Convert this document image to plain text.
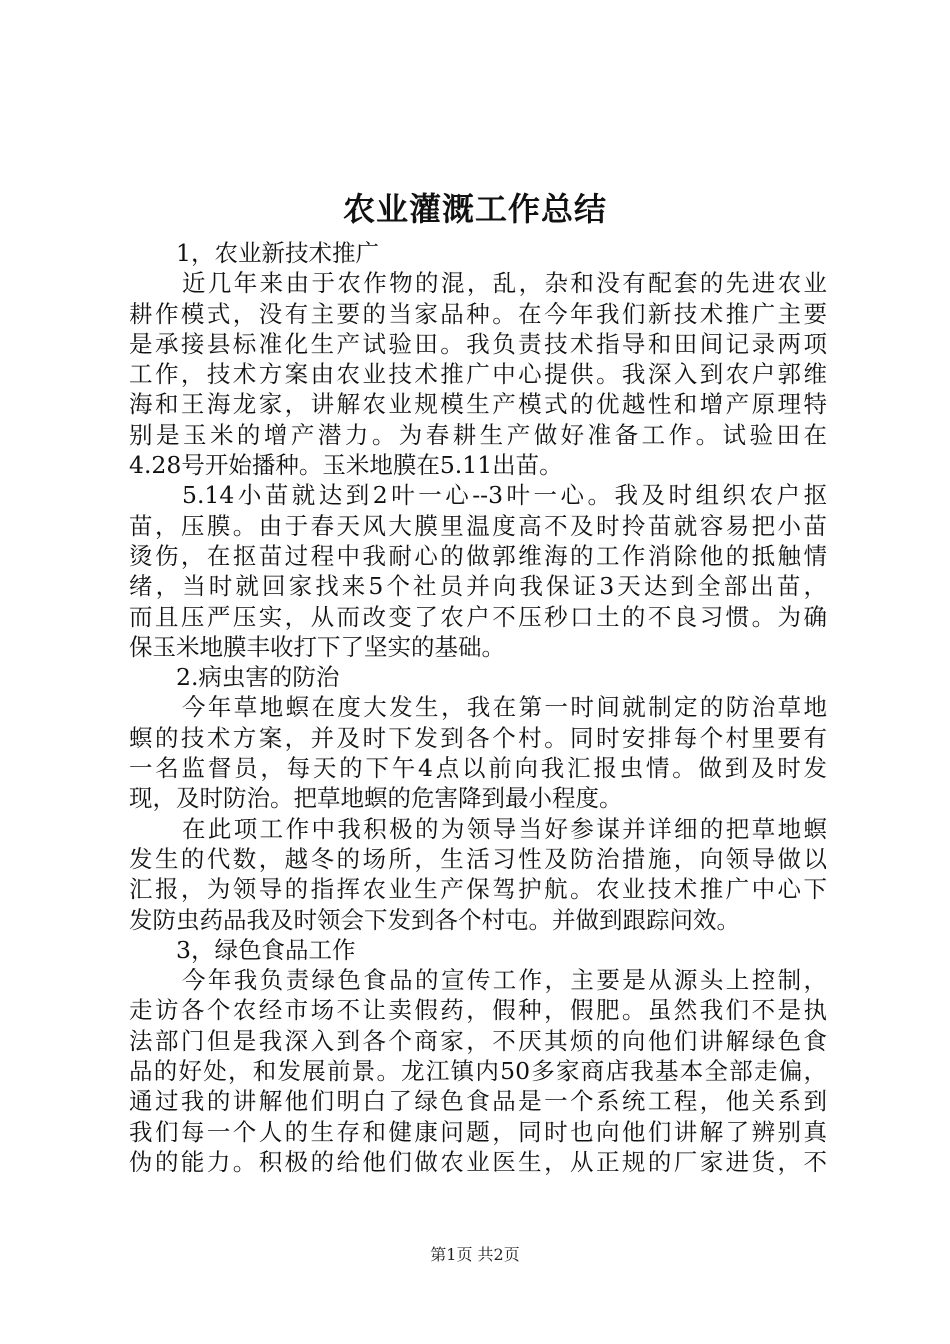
农业灌溉工作总结
1，农业新技术推广
近几年来由于农作物的混，乱，杂和没有配套的先进农业
耕作模式，没有主要的当家品种。在今年我们新技术推广主要
是承接县标准化生产试验田。我负责技术指导和田间记录两项
工作，技术方案由农业技术推广中心提供。我深入到农户郭维
海和王海龙家，讲解农业规模生产模式的优越性和增产原理特
别是玉米的增产潜力。为春耕生产做好准备工作。试验田在
4.28号开始播种。玉米地膜在5.11出苗。
5.14小苗就达到2叶一心--3叶一心。我及时组织农户抠
苗，压膜。由于春天风大膜里温度高不及时拎苗就容易把小苗
烫伤，在抠苗过程中我耐心的做郭维海的工作消除他的抵触情
绪，当时就回家找来5个社员并向我保证3天达到全部出苗，
而且压严压实，从而改变了农户不压秒口土的不良习惯。为确
保玉米地膜丰收打下了坚实的基础。
2.病虫害的防治
今年草地螟在度大发生，我在第一时间就制定的防治草地
螟的技术方案，并及时下发到各个村。同时安排每个村里要有
一名监督员，每天的下午4点以前向我汇报虫情。做到及时发
现，及时防治。把草地螟的危害降到最小程度。
在此项工作中我积极的为领导当好参谋并详细的把草地螟
发生的代数，越冬的场所，生活习性及防治措施，向领导做以
汇报，为领导的指挥农业生产保驾护航。农业技术推广中心下
发防虫药品我及时领会下发到各个村屯。并做到跟踪问效。
3，绿色食品工作
今年我负责绿色食品的宣传工作，主要是从源头上控制，
走访各个农经市场不让卖假药，假种，假肥。虽然我们不是执
法部门但是我深入到各个商家，不厌其烦的向他们讲解绿色食
品的好处，和发展前景。龙江镇内50多家商店我基本全部走偏，
通过我的讲解他们明白了绿色食品是一个系统工程，他关系到
我们每一个人的生存和健康问题，同时也向他们讲解了辨别真
伪的能力。积极的给他们做农业医生，从正规的厂家进货，不
第1页 共2页
